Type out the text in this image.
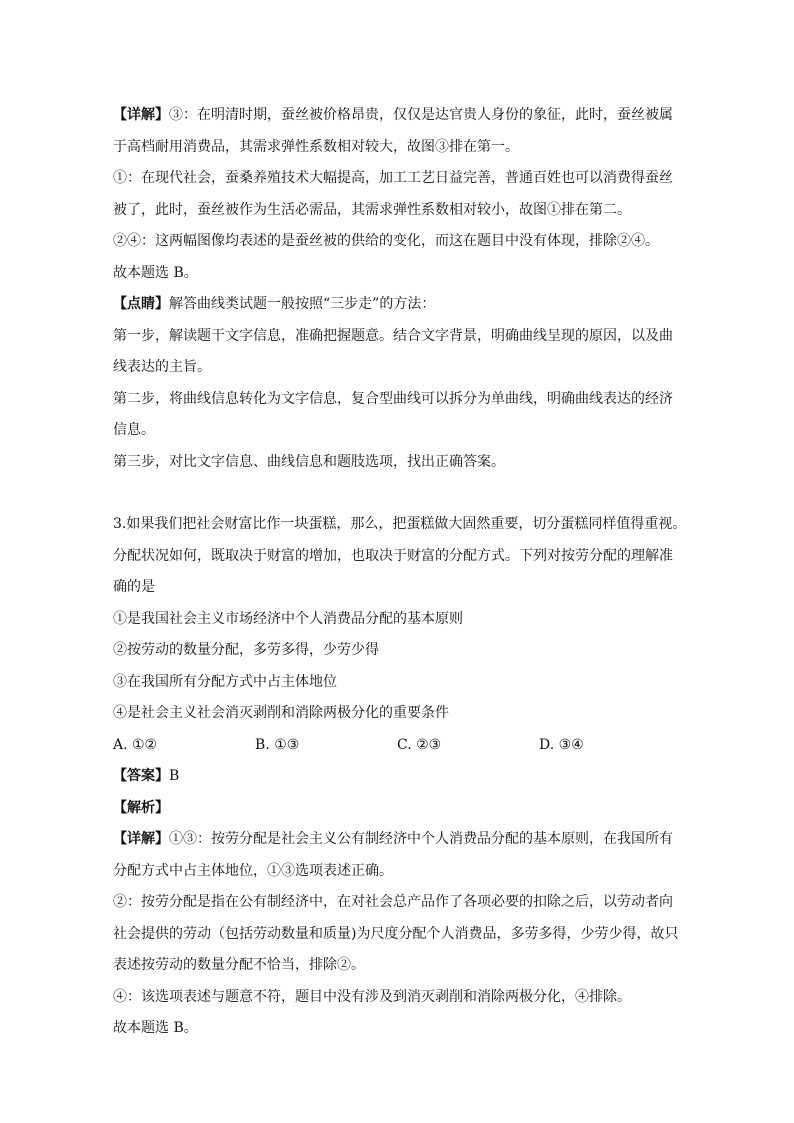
【详解】③：在明清时期，蚕丝被价格昂贵，仅仅是达官贵人身份的象征，此时，蚕丝被属
于高档耐用消费品，其需求弹性系数相对较大，故图③排在第一。
①：在现代社会，蚕桑养殖技术大幅提高，加工工艺日益完善，普通百姓也可以消费得蚕丝
被了，此时，蚕丝被作为生活必需品，其需求弹性系数相对较小，故图①排在第二。
②④：这两幅图像均表述的是蚕丝被的供给的变化，而这在题目中没有体现，排除②④。
故本题选 B。
【点睛】解答曲线类试题一般按照“三步走”的方法：
第一步，解读题干文字信息，准确把握题意。结合文字背景，明确曲线呈现的原因，以及曲
线表达的主旨。
第二步，将曲线信息转化为文字信息，复合型曲线可以拆分为单曲线，明确曲线表达的经济
信息。
第三步，对比文字信息、曲线信息和题肢选项，找出正确答案。
3.如果我们把社会财富比作一块蛋糕，那么，把蛋糕做大固然重要，切分蛋糕同样值得重视。
分配状况如何，既取决于财富的增加，也取决于财富的分配方式。下列对按劳分配的理解准
确的是
①是我国社会主义市场经济中个人消费品分配的基本原则
②按劳动的数量分配，多劳多得，少劳少得
③在我国所有分配方式中占主体地位
④是社会主义社会消灭剥削和消除两极分化的重要条件
A. ①②	B. ①③	C. ②③	D. ③④
【答案】B
【解析】
【详解】①③：按劳分配是社会主义公有制经济中个人消费品分配的基本原则，在我国所有
分配方式中占主体地位，①③选项表述正确。
②：按劳分配是指在公有制经济中，在对社会总产品作了各项必要的扣除之后，以劳动者向
社会提供的劳动（包括劳动数量和质量)为尺度分配个人消费品，多劳多得，少劳少得，故只
表述按劳动的数量分配不恰当，排除②。
④：该选项表述与题意不符，题目中没有涉及到消灭剥削和消除两极分化，④排除。
故本题选 B。
